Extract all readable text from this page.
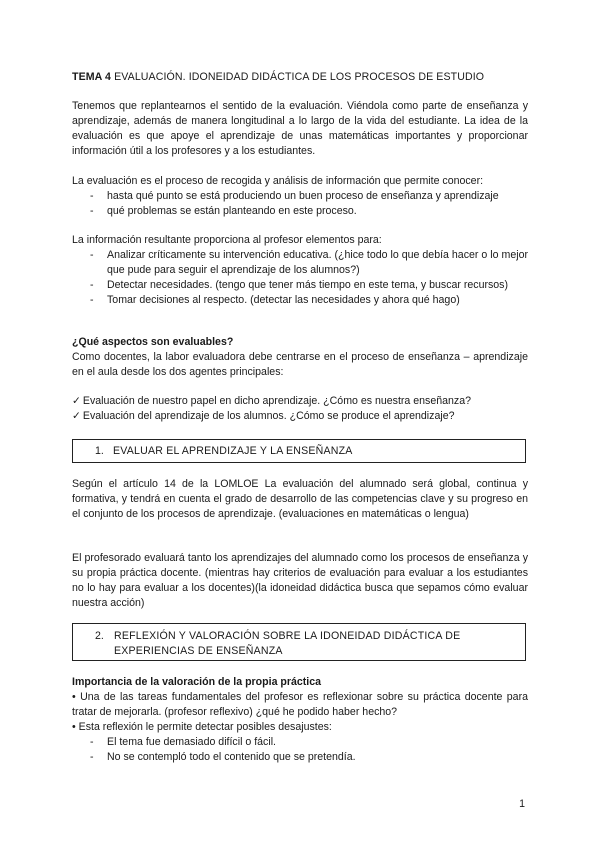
TEMA 4 EVALUACIÓN. IDONEIDAD DIDÁCTICA DE LOS PROCESOS DE ESTUDIO
Tenemos que replantearnos el sentido de la evaluación. Viéndola como parte de enseñanza y aprendizaje, además de manera longitudinal a lo largo de la vida del estudiante. La idea de la evaluación es que apoye el aprendizaje de unas matemáticas importantes y proporcionar información útil a los profesores y a los estudiantes.
La evaluación es el proceso de recogida y análisis de información que permite conocer:
- hasta qué punto se está produciendo un buen proceso de enseñanza y aprendizaje
- qué problemas se están planteando en este proceso.
La información resultante proporciona al profesor elementos para:
- Analizar críticamente su intervención educativa. (¿hice todo lo que debía hacer o lo mejor que pude para seguir el aprendizaje de los alumnos?)
- Detectar necesidades. (tengo que tener más tiempo en este tema, y buscar recursos)
- Tomar decisiones al respecto. (detectar las necesidades y ahora qué hago)
¿Qué aspectos son evaluables?
Como docentes, la labor evaluadora debe centrarse en el proceso de enseñanza – aprendizaje en el aula desde los dos agentes principales:
✓ Evaluación de nuestro papel en dicho aprendizaje. ¿Cómo es nuestra enseñanza?
✓ Evaluación del aprendizaje de los alumnos. ¿Cómo se produce el aprendizaje?
1. EVALUAR EL APRENDIZAJE Y LA ENSEÑANZA
Según el artículo 14 de la LOMLOE La evaluación del alumnado será global, continua y formativa, y tendrá en cuenta el grado de desarrollo de las competencias clave y su progreso en el conjunto de los procesos de aprendizaje. (evaluaciones en matemáticas o lengua)
El profesorado evaluará tanto los aprendizajes del alumnado como los procesos de enseñanza y su propia práctica docente. (mientras hay criterios de evaluación para evaluar a los estudiantes no lo hay para evaluar a los docentes)(la idoneidad didáctica busca que sepamos cómo evaluar nuestra acción)
2. REFLEXIÓN Y VALORACIÓN SOBRE LA IDONEIDAD DIDÁCTICA DE EXPERIENCIAS DE ENSEÑANZA
Importancia de la valoración de la propia práctica
• Una de las tareas fundamentales del profesor es reflexionar sobre su práctica docente para tratar de mejorarla. (profesor reflexivo) ¿qué he podido haber hecho?
• Esta reflexión le permite detectar posibles desajustes:
- El tema fue demasiado difícil o fácil.
- No se contempló todo el contenido que se pretendía.
1
